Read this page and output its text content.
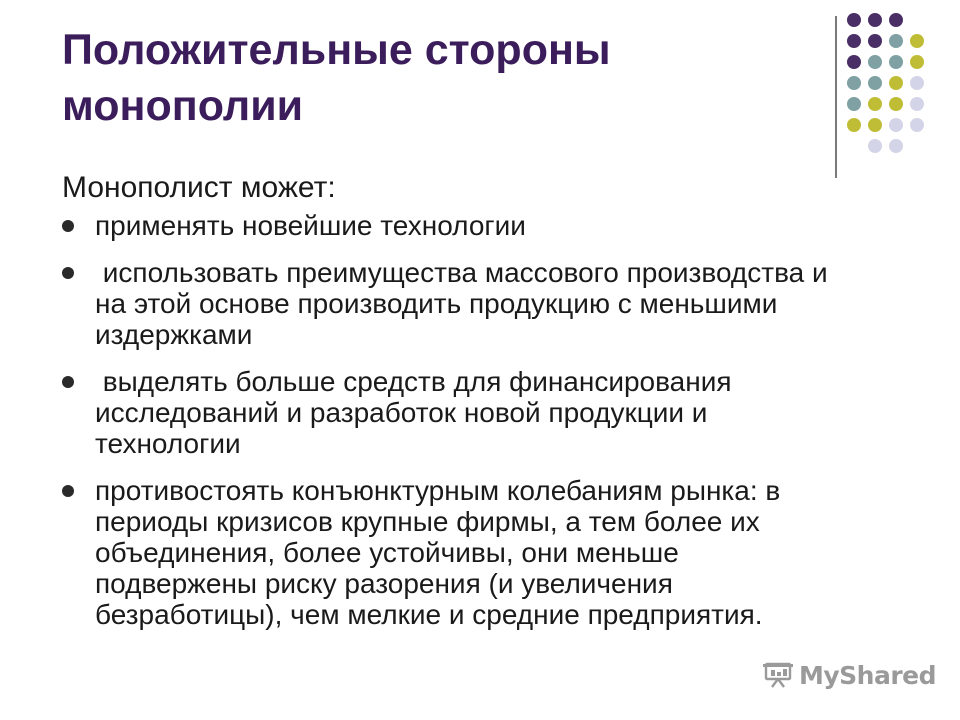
Положительные стороны монополии

Монополист может:

применять новейшие технологии
использовать преимущества массового производства и на этой основе производить продукцию с меньшими издержками
выделять больше средств для финансирования исследований и разработок новой продукции и технологии
противостоять конъюнктурным колебаниям рынка: в периоды кризисов крупные фирмы, а тем более их объединения, более устойчивы, они меньше подвержены риску разорения (и увеличения безработицы), чем мелкие и средние предприятия.
MyShared
